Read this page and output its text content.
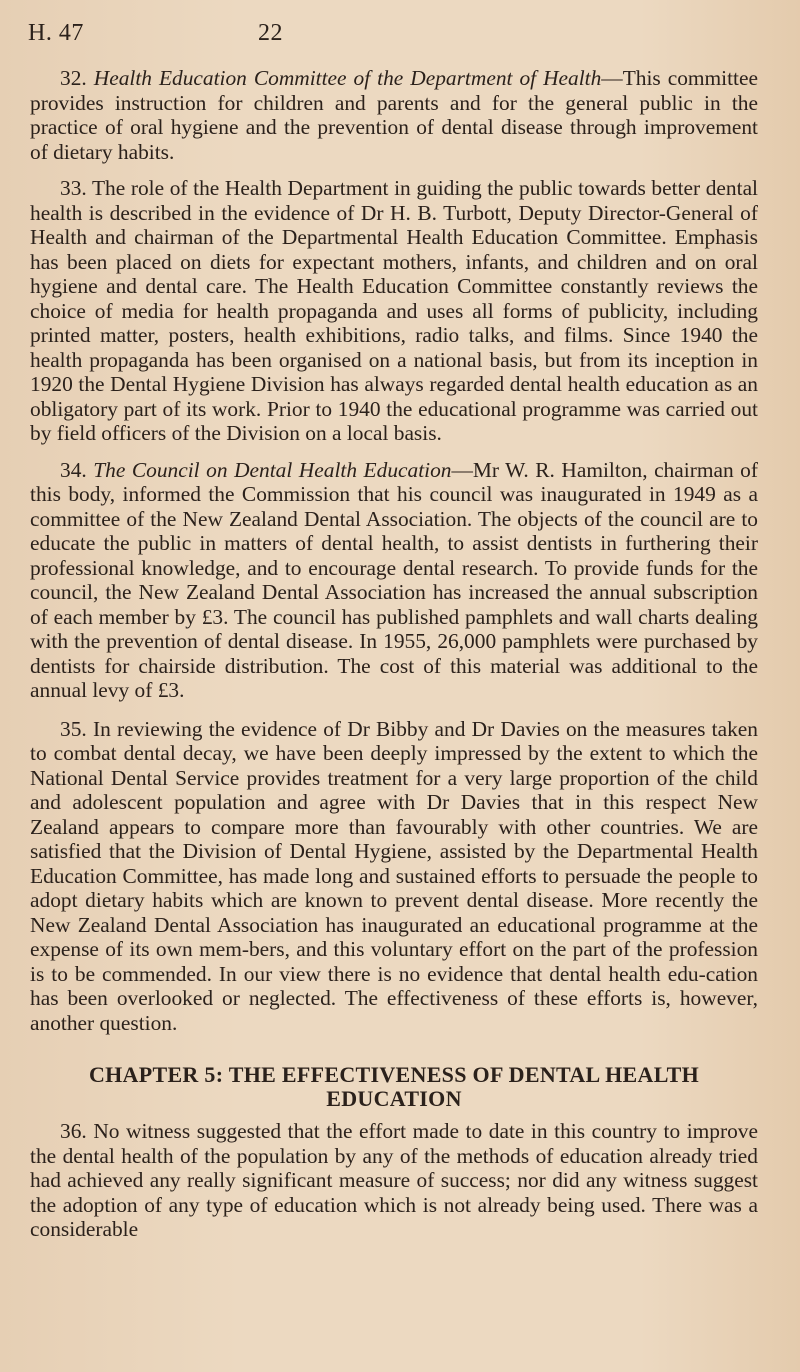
H. 47	22

32. Health Education Committee of the Department of Health—This committee provides instruction for children and parents and for the general public in the practice of oral hygiene and the prevention of dental disease through improvement of dietary habits.

33. The role of the Health Department in guiding the public towards better dental health is described in the evidence of Dr H. B. Turbott, Deputy Director-General of Health and chairman of the Departmental Health Education Committee. Emphasis has been placed on diets for expectant mothers, infants, and children and on oral hygiene and dental care. The Health Education Committee constantly reviews the choice of media for health propaganda and uses all forms of publicity, including printed matter, posters, health exhibitions, radio talks, and films. Since 1940 the health propaganda has been organised on a national basis, but from its inception in 1920 the Dental Hygiene Division has always regarded dental health education as an obligatory part of its work. Prior to 1940 the educational programme was carried out by field officers of the Division on a local basis.

34. The Council on Dental Health Education—Mr W. R. Hamilton, chairman of this body, informed the Commission that his council was inaugurated in 1949 as a committee of the New Zealand Dental Association. The objects of the council are to educate the public in matters of dental health, to assist dentists in furthering their professional knowledge, and to encourage dental research. To provide funds for the council, the New Zealand Dental Association has increased the annual subscription of each member by £3. The council has published pamphlets and wall charts dealing with the prevention of dental disease. In 1955, 26,000 pamphlets were purchased by dentists for chairside distribution. The cost of this material was additional to the annual levy of £3.

35. In reviewing the evidence of Dr Bibby and Dr Davies on the measures taken to combat dental decay, we have been deeply impressed by the extent to which the National Dental Service provides treatment for a very large proportion of the child and adolescent population and agree with Dr Davies that in this respect New Zealand appears to compare more than favourably with other countries. We are satisfied that the Division of Dental Hygiene, assisted by the Departmental Health Education Committee, has made long and sustained efforts to persuade the people to adopt dietary habits which are known to prevent dental disease. More recently the New Zealand Dental Association has inaugurated an educational programme at the expense of its own mem-bers, and this voluntary effort on the part of the profession is to be commended. In our view there is no evidence that dental health edu-cation has been overlooked or neglected. The effectiveness of these efforts is, however, another question.

CHAPTER 5: THE EFFECTIVENESS OF DENTAL HEALTH EDUCATION

36. No witness suggested that the effort made to date in this country to improve the dental health of the population by any of the methods of education already tried had achieved any really significant measure of success; nor did any witness suggest the adoption of any type of education which is not already being used. There was a considerable
